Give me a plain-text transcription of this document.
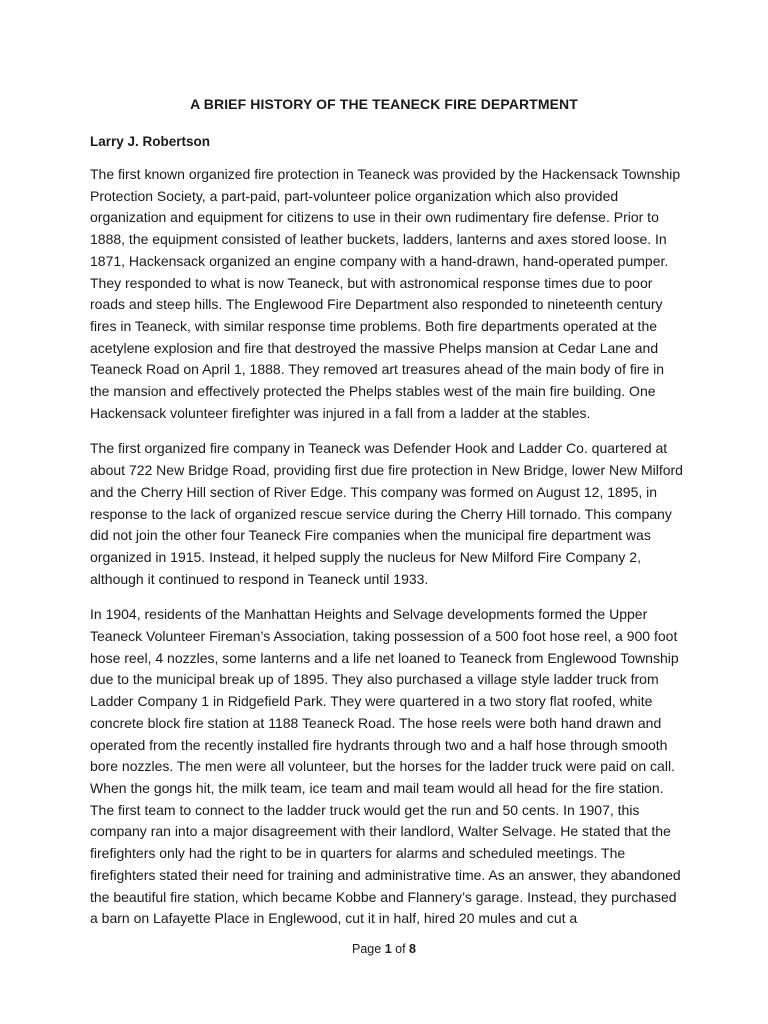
A BRIEF HISTORY OF THE TEANECK FIRE DEPARTMENT

Larry J. Robertson

The first known organized fire protection in Teaneck was provided by the Hackensack Township Protection Society, a part-paid, part-volunteer police organization which also provided organization and equipment for citizens to use in their own rudimentary fire defense. Prior to 1888, the equipment consisted of leather buckets, ladders, lanterns and axes stored loose. In 1871, Hackensack organized an engine company with a hand-drawn, hand-operated pumper. They responded to what is now Teaneck, but with astronomical response times due to poor roads and steep hills. The Englewood Fire Department also responded to nineteenth century fires in Teaneck, with similar response time problems. Both fire departments operated at the acetylene explosion and fire that destroyed the massive Phelps mansion at Cedar Lane and Teaneck Road on April 1, 1888. They removed art treasures ahead of the main body of fire in the mansion and effectively protected the Phelps stables west of the main fire building. One Hackensack volunteer firefighter was injured in a fall from a ladder at the stables.

The first organized fire company in Teaneck was Defender Hook and Ladder Co. quartered at about 722 New Bridge Road, providing first due fire protection in New Bridge, lower New Milford and the Cherry Hill section of River Edge. This company was formed on August 12, 1895, in response to the lack of organized rescue service during the Cherry Hill tornado. This company did not join the other four Teaneck Fire companies when the municipal fire department was organized in 1915. Instead, it helped supply the nucleus for New Milford Fire Company 2, although it continued to respond in Teaneck until 1933.

In 1904, residents of the Manhattan Heights and Selvage developments formed the Upper Teaneck Volunteer Fireman’s Association, taking possession of a 500 foot hose reel, a 900 foot hose reel, 4 nozzles, some lanterns and a life net loaned to Teaneck from Englewood Township due to the municipal break up of 1895. They also purchased a village style ladder truck from Ladder Company 1 in Ridgefield Park. They were quartered in a two story flat roofed, white concrete block fire station at 1188 Teaneck Road. The hose reels were both hand drawn and operated from the recently installed fire hydrants through two and a half hose through smooth bore nozzles. The men were all volunteer, but the horses for the ladder truck were paid on call. When the gongs hit, the milk team, ice team and mail team would all head for the fire station. The first team to connect to the ladder truck would get the run and 50 cents. In 1907, this company ran into a major disagreement with their landlord, Walter Selvage. He stated that the firefighters only had the right to be in quarters for alarms and scheduled meetings. The firefighters stated their need for training and administrative time. As an answer, they abandoned the beautiful fire station, which became Kobbe and Flannery’s garage. Instead, they purchased a barn on Lafayette Place in Englewood, cut it in half, hired 20 mules and cut a

Page 1 of 8
